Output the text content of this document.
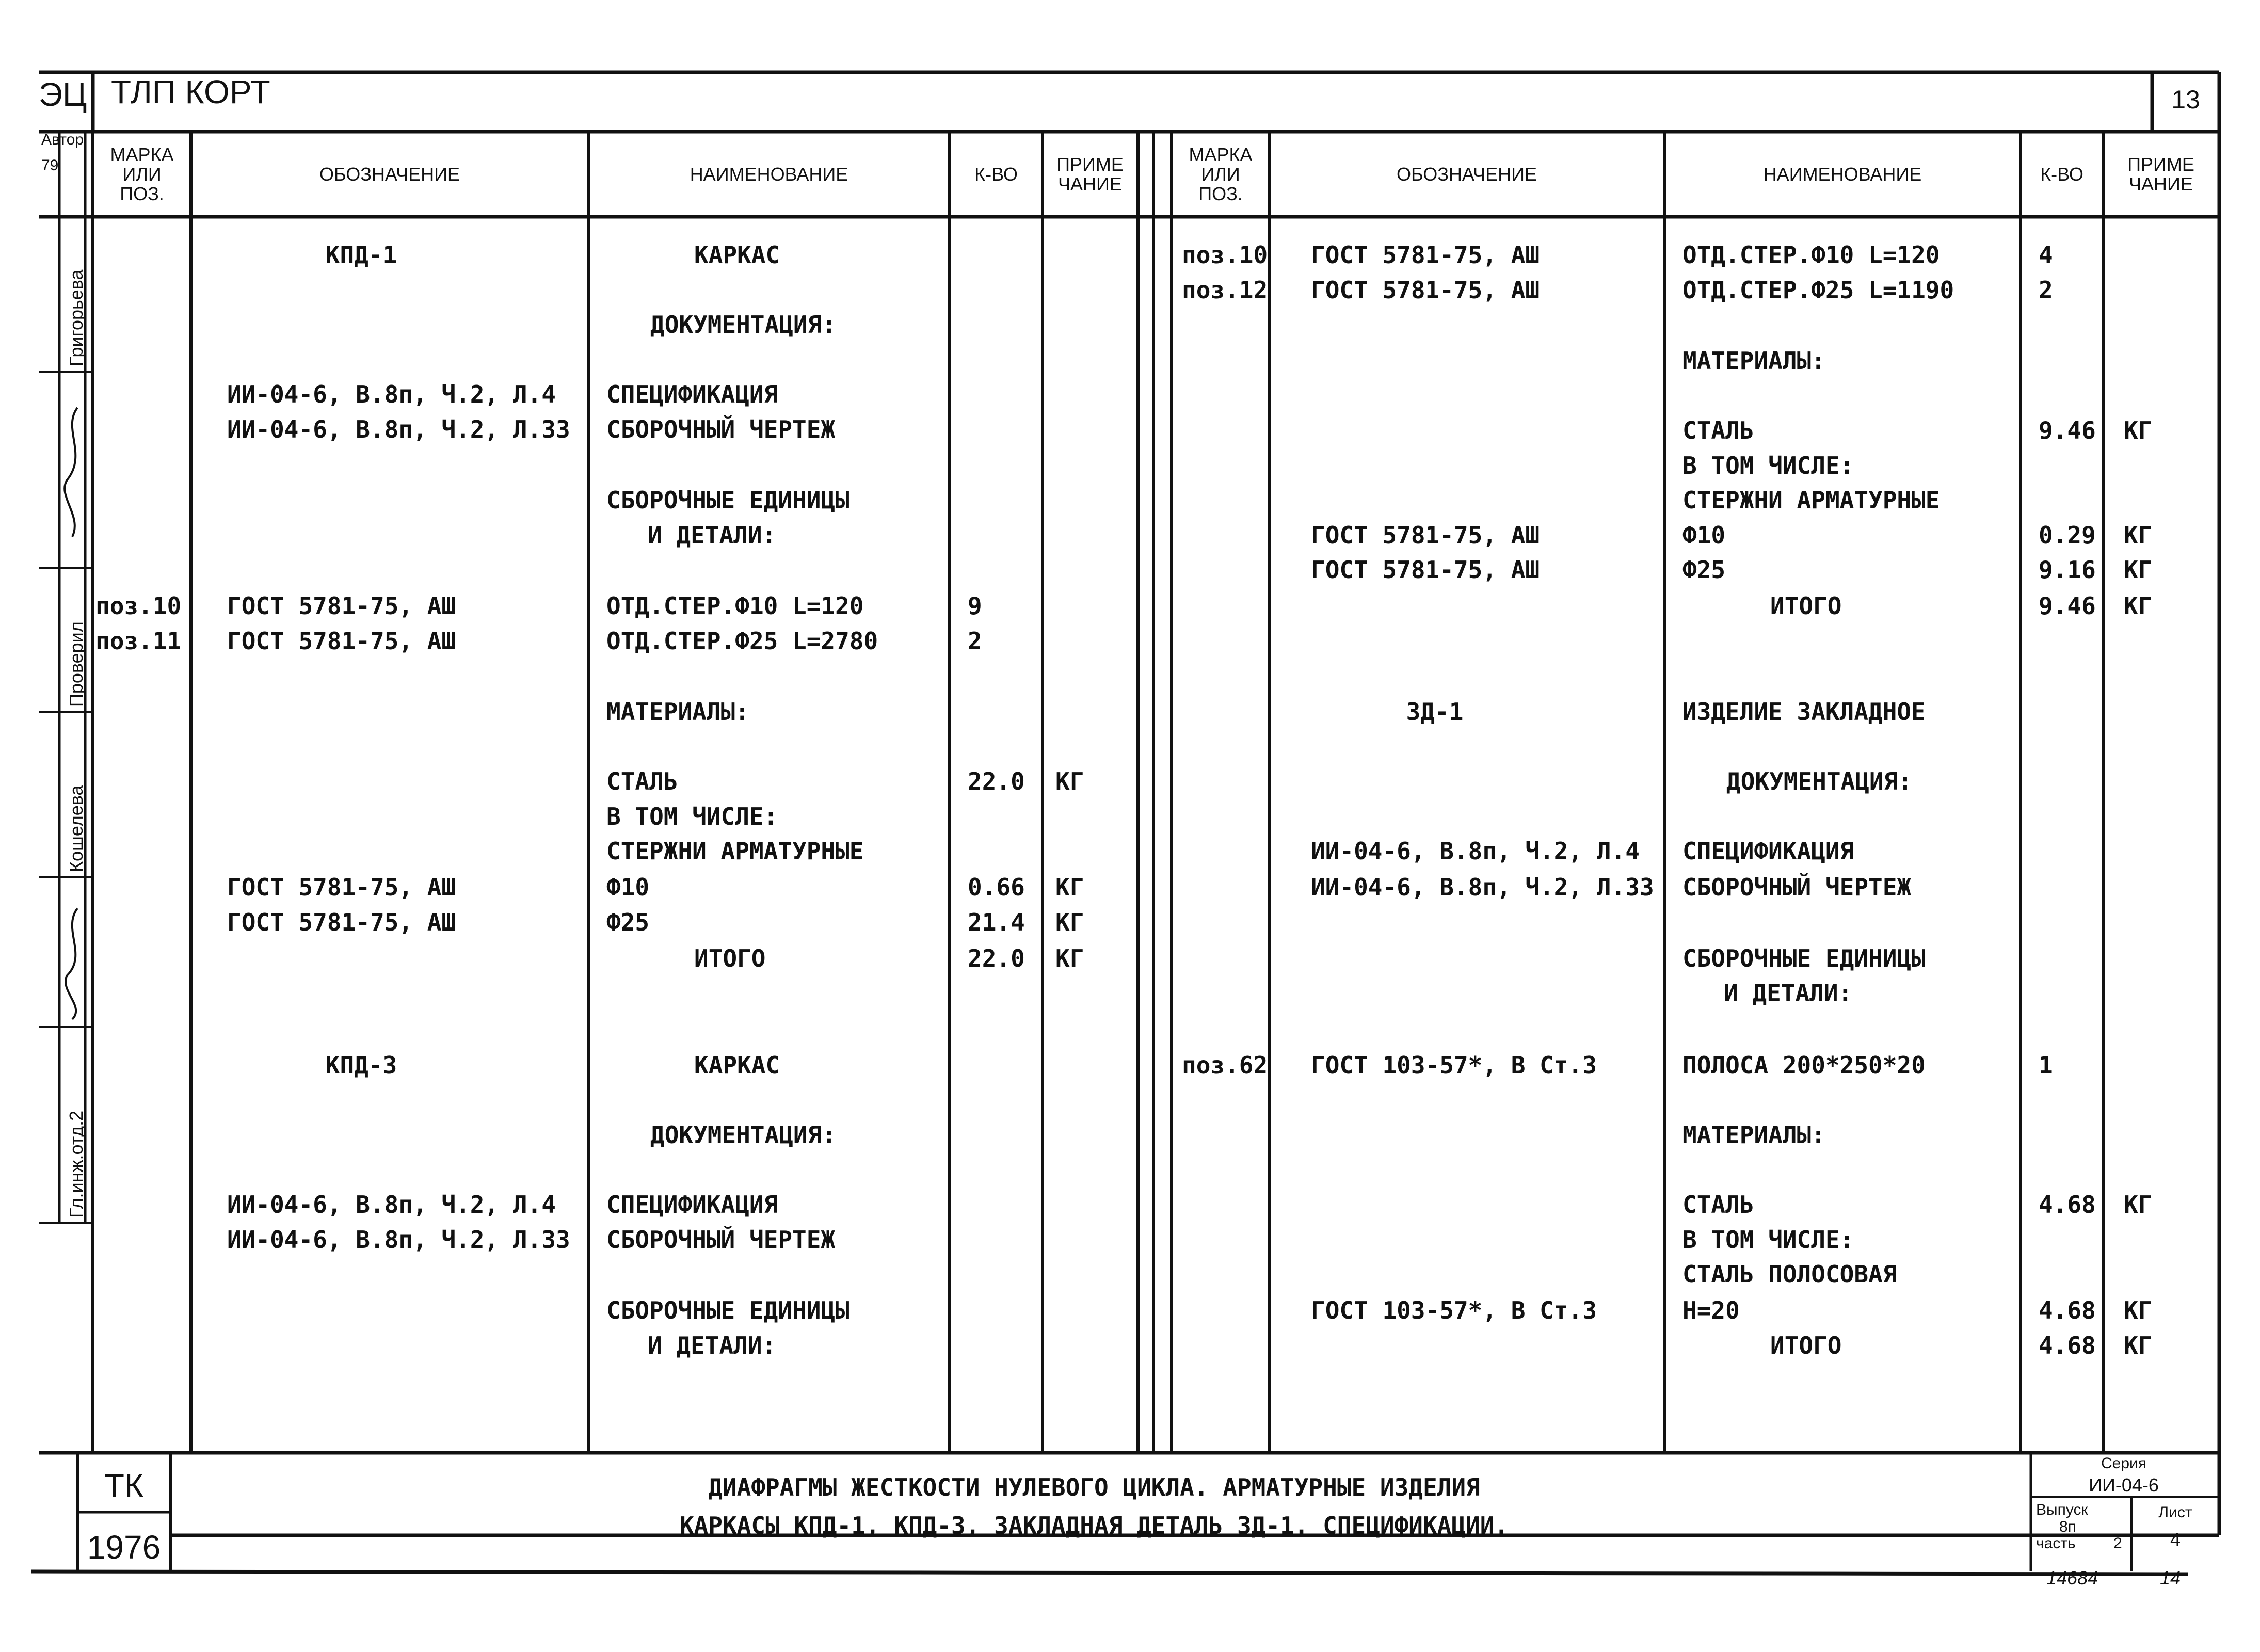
Автор
79
Григорьева
Проверил
Кошелева
Гл.инж.отд.2
ЭЦ ТЛП КОРТ	13
МАРКА ИЛИ ПОЗ.
ОБОЗНАЧЕНИЕ	НАИМЕНОВАНИЕ	К-ВО ПРИМЕ ЧАНИЕ
МАРКА ИЛИ ПОЗ.
ОБОЗНАЧЕНИЕ	НАИМЕНОВАНИЕ	К-ВО ПРИМЕ ЧАНИЕ
КПД-1	КАРКАС
ДОКУМЕНТАЦИЯ:
ИИ-04-6, В.8п, Ч.2, Л.4 СПЕЦИФИКАЦИЯ
ИИ-04-6, В.8п, Ч.2, Л.33 СБОРОЧНЫЙ ЧЕРТЕЖ
СБОРОЧНЫЕ ЕДИНИЦЫ
И ДЕТАЛИ:
поз.10 ГОСТ 5781-75, АШ	ОТД.СТЕР.Ф10 L=120	9
поз.11 ГОСТ 5781-75, АШ	ОТД.СТЕР.Ф25 L=2780	2
МАТЕРИАЛЫ:
СТАЛЬ	22.0 КГ
В ТОМ ЧИСЛЕ:
СТЕРЖНИ АРМАТУРНЫЕ
ГОСТ 5781-75, АШ	Ф10	0.66 КГ
ГОСТ 5781-75, АШ	Ф25	21.4 КГ
ИТОГО	22.0 КГ
КПД-3	КАРКАС
ДОКУМЕНТАЦИЯ:
ИИ-04-6, В.8п, Ч.2, Л.4 СПЕЦИФИКАЦИЯ
ИИ-04-6, В.8п, Ч.2, Л.33 СБОРОЧНЫЙ ЧЕРТЕЖ
СБОРОЧНЫЕ ЕДИНИЦЫ
И ДЕТАЛИ:
поз.10 ГОСТ 5781-75, АШ	ОТД.СТЕР.Ф10 L=120	4
поз.12 ГОСТ 5781-75, АШ	ОТД.СТЕР.Ф25 L=1190	2
МАТЕРИАЛЫ:
СТАЛЬ	9.46 КГ
В ТОМ ЧИСЛЕ:
СТЕРЖНИ АРМАТУРНЫЕ
ГОСТ 5781-75, АШ	Ф10	0.29 КГ
ГОСТ 5781-75, АШ	Ф25	9.16 КГ
ИТОГО	9.46 КГ
ЗД-1	ИЗДЕЛИЕ ЗАКЛАДНОЕ
ДОКУМЕНТАЦИЯ:
ИИ-04-6, В.8п, Ч.2, Л.4 СПЕЦИФИКАЦИЯ
ИИ-04-6, В.8п, Ч.2, Л.33 СБОРОЧНЫЙ ЧЕРТЕЖ
СБОРОЧНЫЕ ЕДИНИЦЫ
И ДЕТАЛИ:
поз.62 ГОСТ 103-57*, В Ст.3	ПОЛОСА 200*250*20	1
МАТЕРИАЛЫ:
СТАЛЬ	4.68 КГ
В ТОМ ЧИСЛЕ:
СТАЛЬ ПОЛОСОВАЯ
ГОСТ 103-57*, В Ст.3	Н=20	4.68 КГ
ИТОГО	4.68 КГ
ТК
1976
ДИАФРАГМЫ ЖЕСТКОСТИ НУЛЕВОГО ЦИКЛА. АРМАТУРНЫЕ ИЗДЕЛИЯ
КАРКАСЫ КПД-1, КПД-3, ЗАКЛАДНАЯ ДЕТАЛЬ ЗД-1. СПЕЦИФИКАЦИИ.
Серия
ИИ-04-6
Выпуск
8п
часть 2
Лист
4
14684	14
